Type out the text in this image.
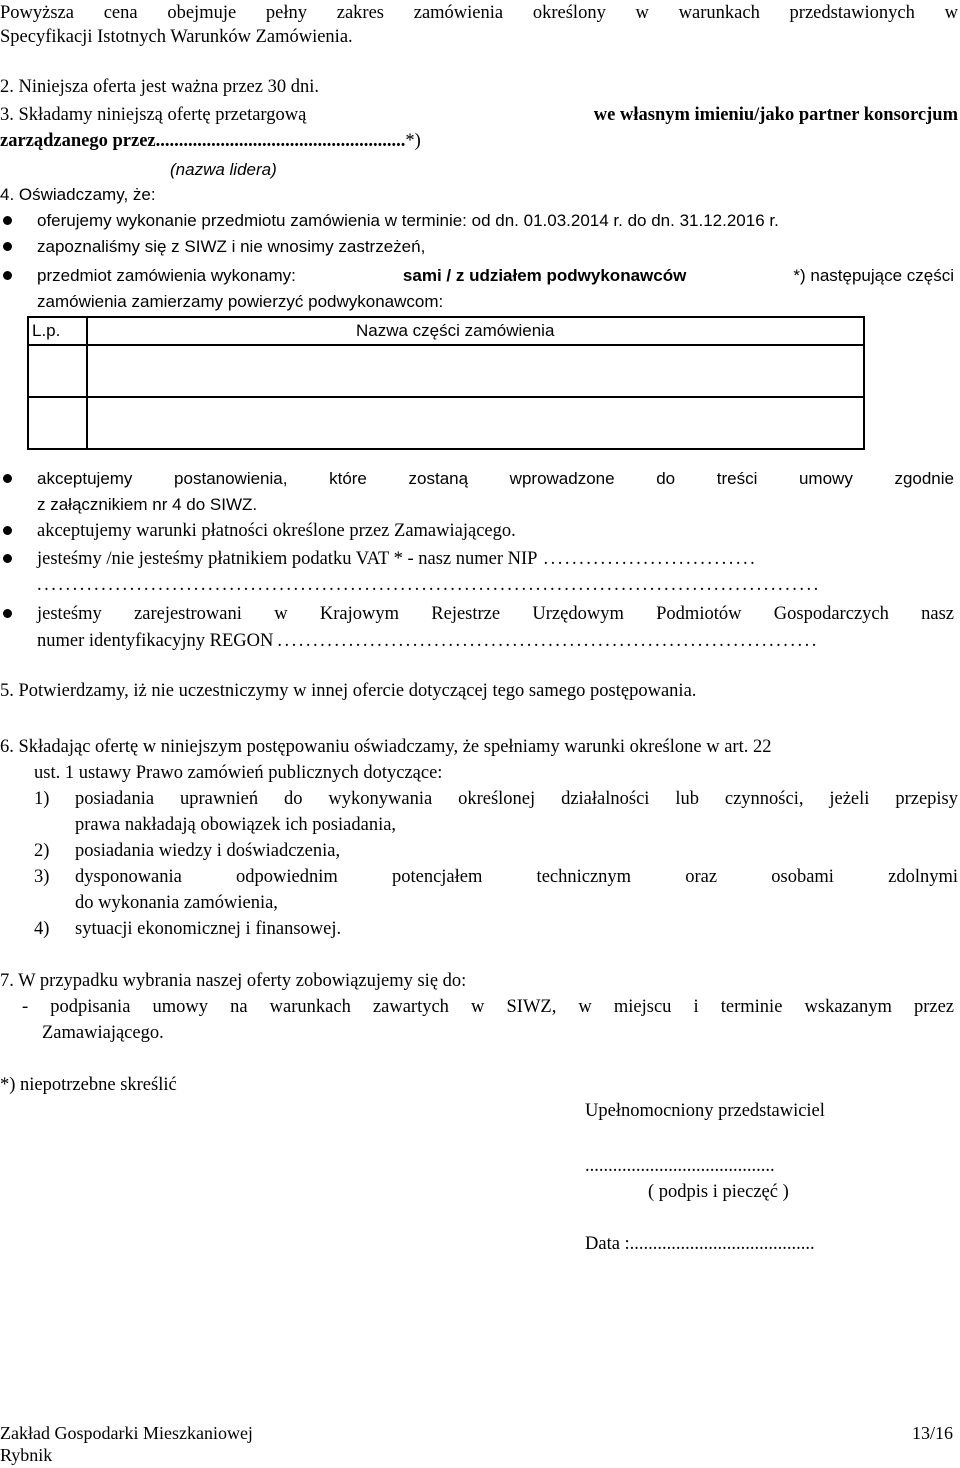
Powyższa cena obejmuje pełny zakres zamówienia określony w warunkach przedstawionych w
Specyfikacji Istotnych Warunków Zamówienia.
2. Niniejsza oferta jest ważna przez 30 dni.
3. Składamy niniejszą ofertę przetargową	we własnym imieniu/jako partner konsorcjum
zarządzanego przez......................................................*)
(nazwa lidera)
4. Oświadczamy, że:
oferujemy wykonanie przedmiotu zamówienia w terminie: od dn. 01.03.2014 r. do dn. 31.12.2016 r.
zapoznaliśmy się z SIWZ i nie wnosimy zastrzeżeń,
przedmiot zamówienia wykonamy:	sami / z udziałem podwykonawców	*) następujące części
zamówienia zamierzamy powierzyć podwykonawcom:
L.p.	Nazwa części zamówienia

akceptujemy postanowienia, które zostaną wprowadzone do treści umowy zgodnie
z załącznikiem nr 4 do SIWZ.
akceptujemy warunki płatności określone przez Zamawiającego.
jesteśmy /nie jesteśmy płatnikiem podatku VAT * - nasz numer NIP ..............................
..............................................................................................................
jesteśmy zarejestrowani w Krajowym Rejestrze Urzędowym Podmiotów Gospodarczych nasz
numer identyfikacyjny REGON ............................................................................
5. Potwierdzamy, iż nie uczestniczymy w innej ofercie dotyczącej tego samego postępowania.
6. Składając ofertę w niniejszym postępowaniu oświadczamy, że spełniamy warunki określone w art. 22
ust. 1 ustawy Prawo zamówień publicznych dotyczące:
1) posiadania uprawnień do wykonywania określonej działalności lub czynności, jeżeli przepisy
prawa nakładają obowiązek ich posiadania,
2) posiadania wiedzy i doświadczenia,
3) dysponowania odpowiednim potencjałem technicznym oraz osobami zdolnymi
do wykonania zamówienia,
4) sytuacji ekonomicznej i finansowej.
7. W przypadku wybrania naszej oferty zobowiązujemy się do:
- podpisania umowy na warunkach zawartych w SIWZ, w miejscu i terminie wskazanym przez
Zamawiającego.
*) niepotrzebne skreślić
Upełnomocniony przedstawiciel
.........................................
( podpis i pieczęć )
Data :........................................
Zakład Gospodarki Mieszkaniowej
Rybnik
13/16
